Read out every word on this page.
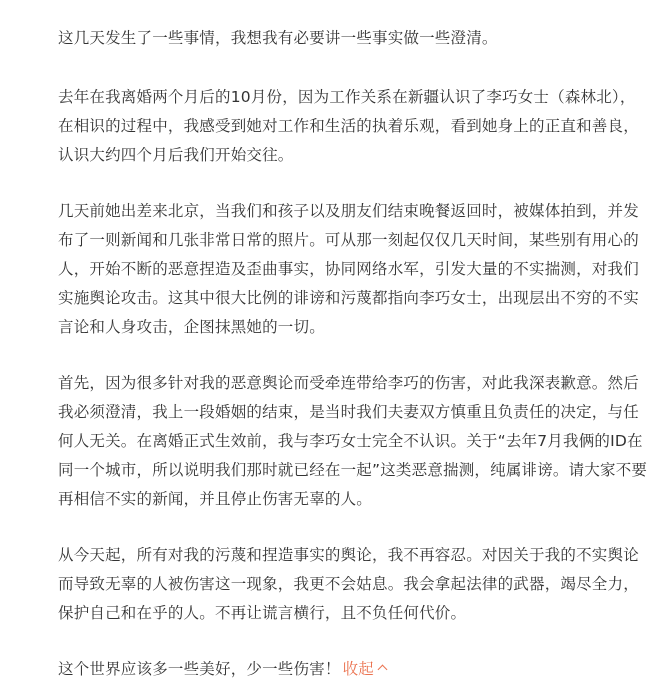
这几天发生了一些事情，我想我有必要讲一些事实做一些澄清。

去年在我离婚两个月后的10月份，因为工作关系在新疆认识了李巧女士（森林北），在相识的过程中，我感受到她对工作和生活的执着乐观，看到她身上的正直和善良，认识大约四个月后我们开始交往。

几天前她出差来北京，当我们和孩子以及朋友们结束晚餐返回时，被媒体拍到，并发布了一则新闻和几张非常日常的照片。可从那一刻起仅仅几天时间，某些别有用心的人，开始不断的恶意捏造及歪曲事实，协同网络水军，引发大量的不实揣测，对我们实施舆论攻击。这其中很大比例的诽谤和污蔑都指向李巧女士，出现层出不穷的不实言论和人身攻击，企图抹黑她的一切。

首先，因为很多针对我的恶意舆论而受牵连带给李巧的伤害，对此我深表歉意。然后我必须澄清，我上一段婚姻的结束，是当时我们夫妻双方慎重且负责任的决定，与任何人无关。在离婚正式生效前，我与李巧女士完全不认识。关于“去年7月我俩的ID在同一个城市，所以说明我们那时就已经在一起”这类恶意揣测，纯属诽谤。请大家不要再相信不实的新闻，并且停止伤害无辜的人。

从今天起，所有对我的污蔑和捏造事实的舆论，我不再容忍。对因关于我的不实舆论而导致无辜的人被伤害这一现象，我更不会姑息。我会拿起法律的武器，竭尽全力，保护自己和在乎的人。不再让谎言横行，且不负任何代价。

这个世界应该多一些美好，少一些伤害！ 收起
